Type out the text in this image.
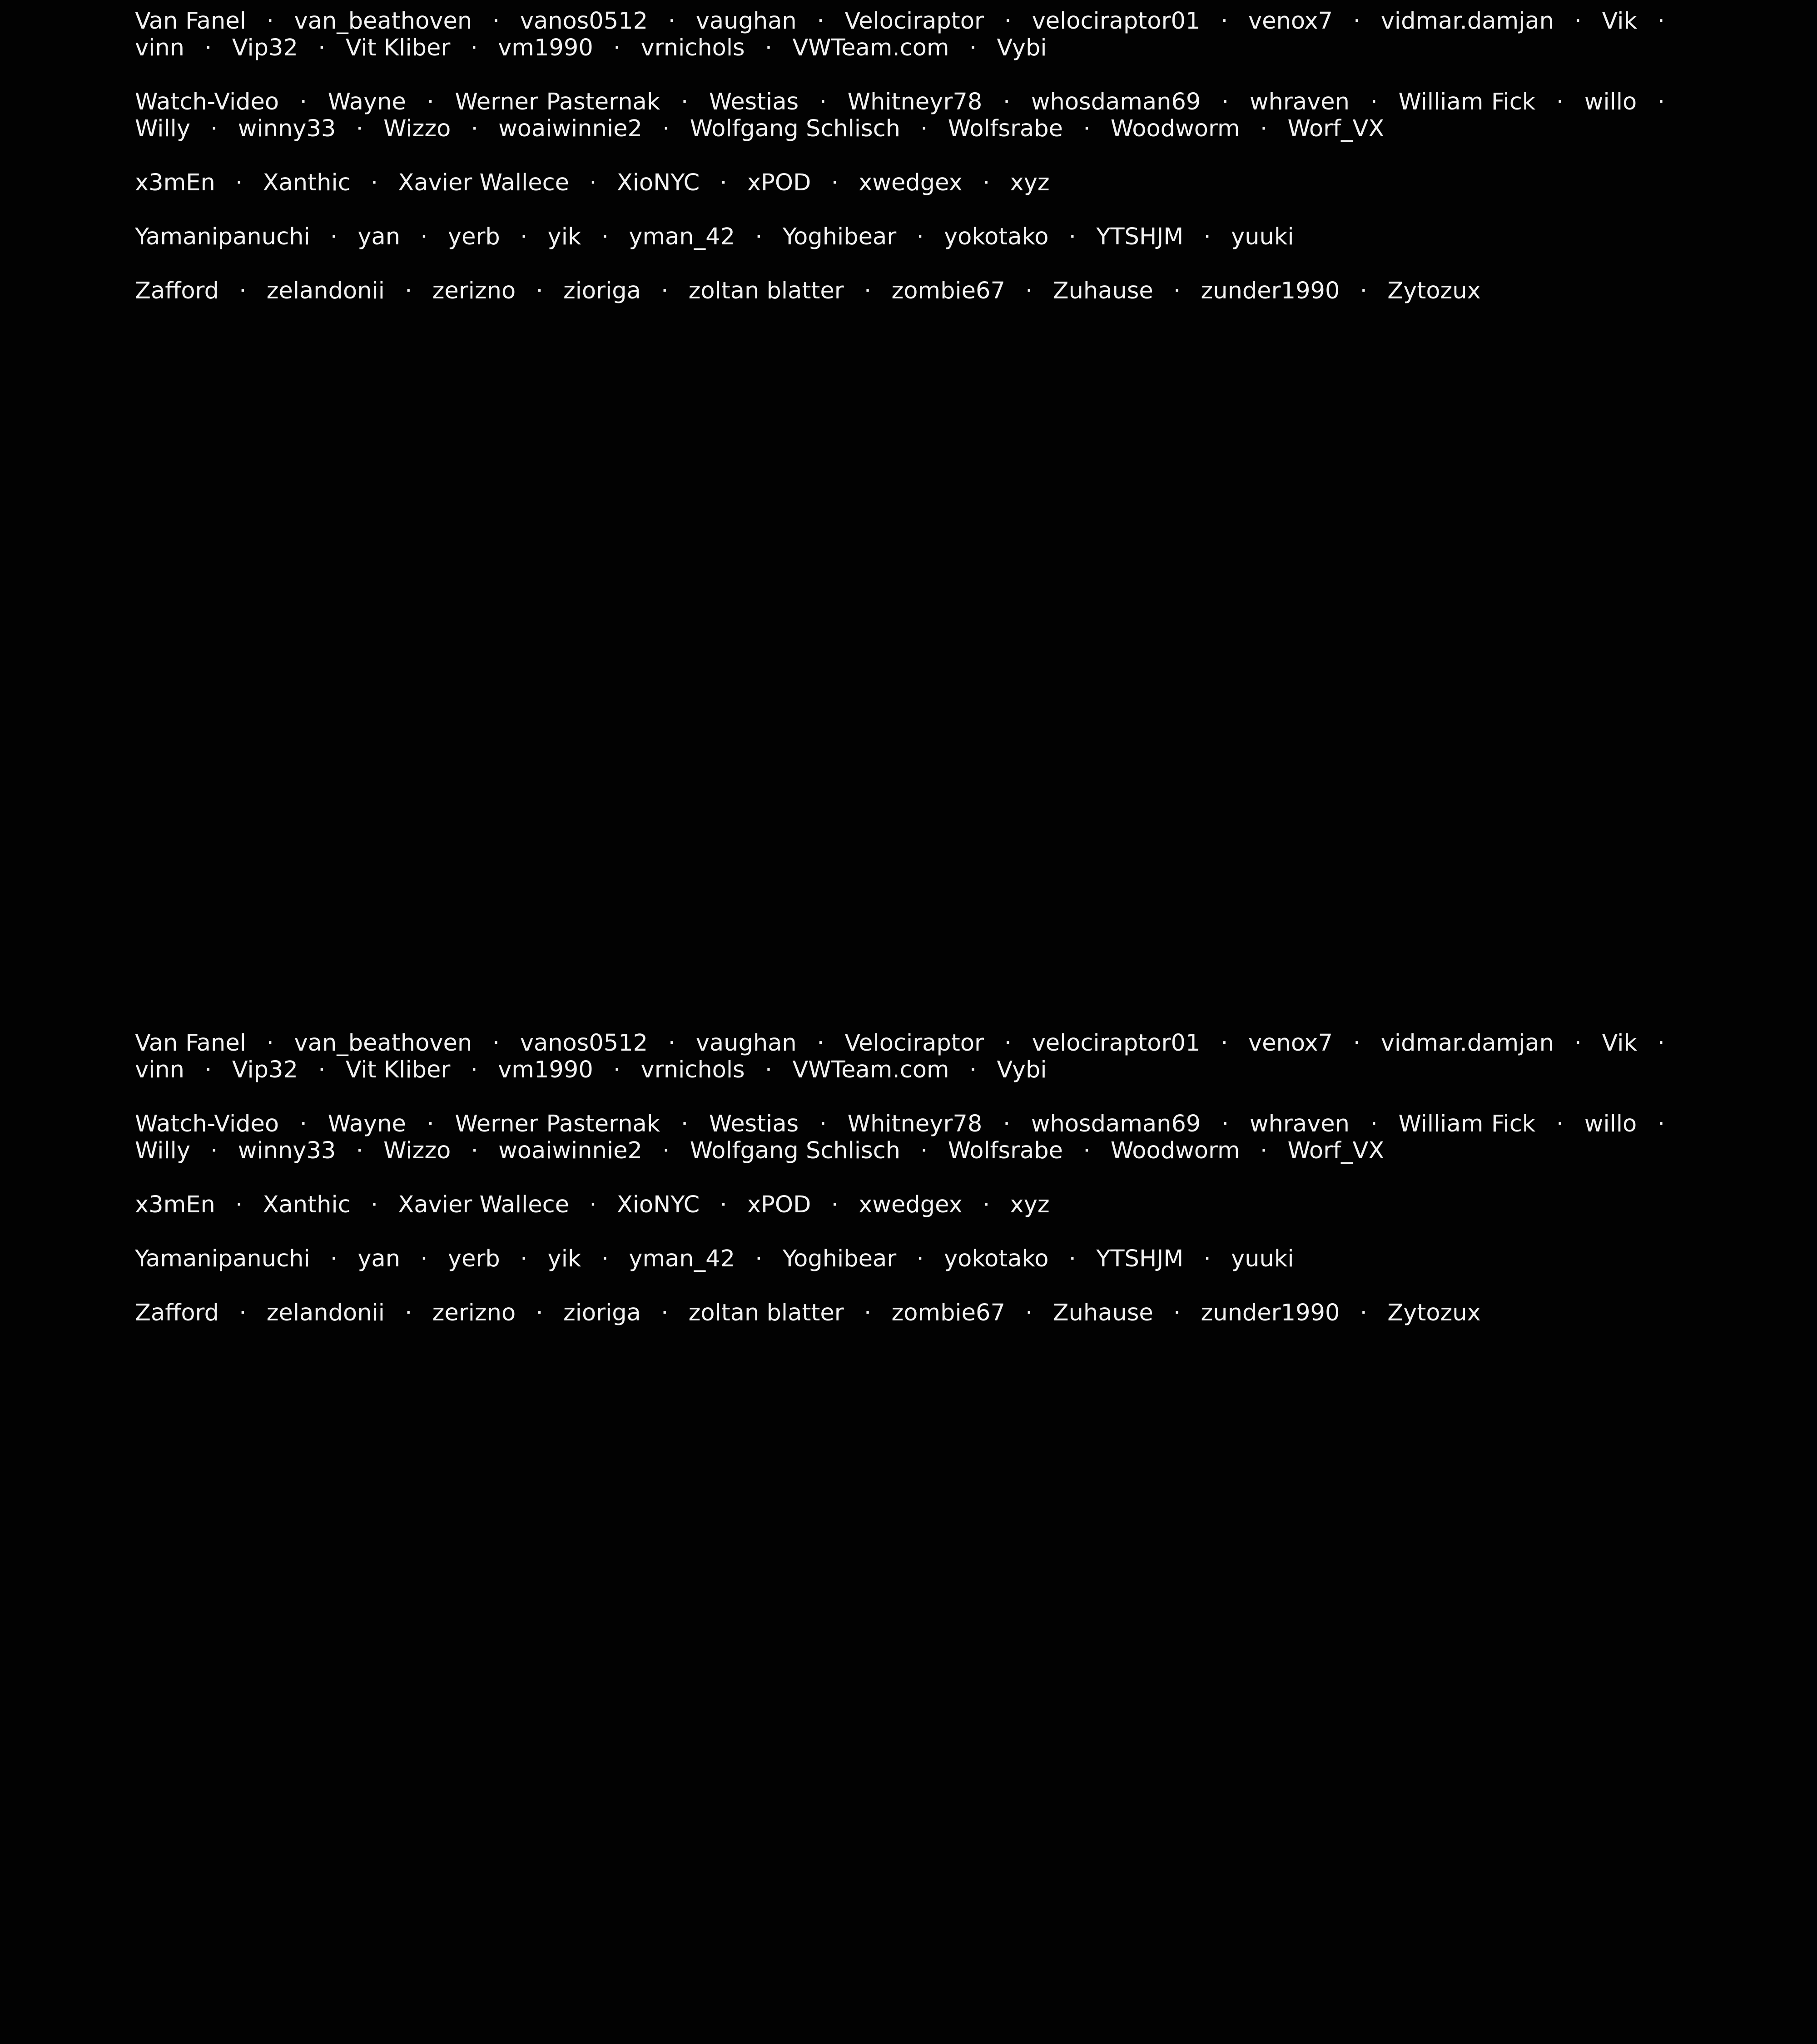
Van Fanel · van_beathoven · vanos0512 · vaughan · Velociraptor · velociraptor01 · venox7 · vidmar.damjan · Vik · vinn · Vip32 · Vit Kliber · vm1990 · vrnichols · VWTeam.com · Vybi
Watch-Video · Wayne · Werner Pasternak · Westias · Whitneyr78 · whosdaman69 · whraven · William Fick · willo · Willy · winny33 · Wizzo · woaiwinnie2 · Wolfgang Schlisch · Wolfsrabe · Woodworm · Worf_VX
x3mEn · Xanthic · Xavier Wallece · XioNYC · xPOD · xwedgex · xyz
Yamanipanuchi · yan · yerb · yik · yman_42 · Yoghibear · yokotako · YTSHJM · yuuki
Zafford · zelandonii · zerizno · zioriga · zoltan blatter · zombie67 · Zuhause · zunder1990 · Zytozux
Van Fanel · van_beathoven · vanos0512 · vaughan · Velociraptor · velociraptor01 · venox7 · vidmar.damjan · Vik · vinn · Vip32 · Vit Kliber · vm1990 · vrnichols · VWTeam.com · Vybi
Watch-Video · Wayne · Werner Pasternak · Westias · Whitneyr78 · whosdaman69 · whraven · William Fick · willo · Willy · winny33 · Wizzo · woaiwinnie2 · Wolfgang Schlisch · Wolfsrabe · Woodworm · Worf_VX
x3mEn · Xanthic · Xavier Wallece · XioNYC · xPOD · xwedgex · xyz
Yamanipanuchi · yan · yerb · yik · yman_42 · Yoghibear · yokotako · YTSHJM · yuuki
Zafford · zelandonii · zerizno · zioriga · zoltan blatter · zombie67 · Zuhause · zunder1990 · Zytozux
